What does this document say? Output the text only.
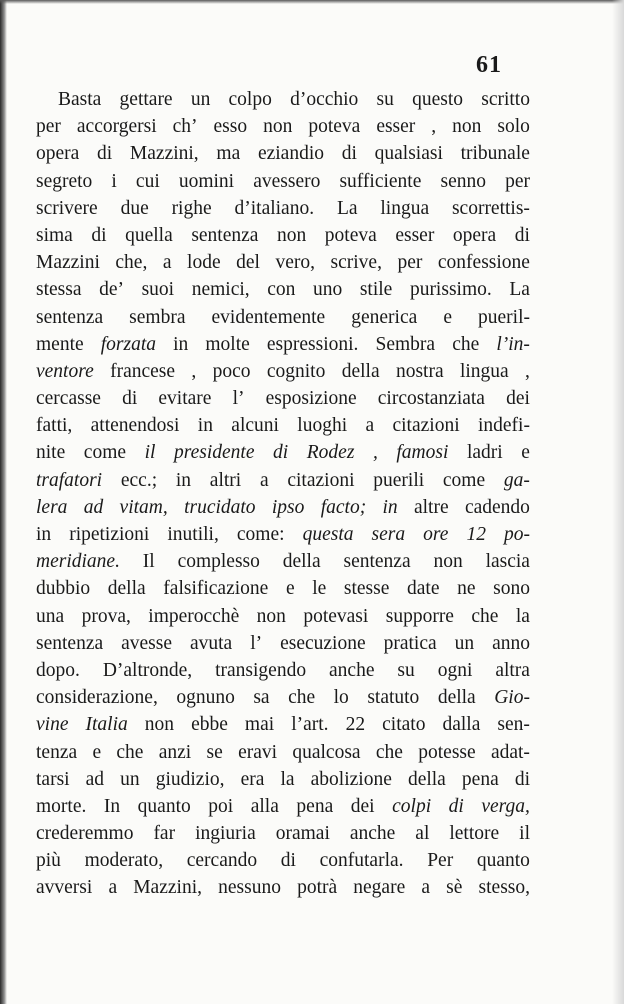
61
Basta gettare un colpo d’occhio su questo scritto
per accorgersi ch’ esso non poteva esser , non solo
opera di Mazzini, ma eziandio di qualsiasi tribunale
segreto i cui uomini avessero sufficiente senno per
scrivere due righe d’italiano. La lingua scorrettis-
sima di quella sentenza non poteva esser opera di
Mazzini che, a lode del vero, scrive, per confessione
stessa de’ suoi nemici, con uno stile purissimo. La
sentenza sembra evidentemente generica e pueril-
mente forzata in molte espressioni. Sembra che l’in-
ventore francese , poco cognito della nostra lingua ,
cercasse di evitare l’ esposizione circostanziata dei
fatti, attenendosi in alcuni luoghi a citazioni indefi-
nite come il presidente di Rodez , famosi ladri e
trafatori ecc.; in altri a citazioni puerili come ga-
lera ad vitam, trucidato ipso facto; in altre cadendo
in ripetizioni inutili, come: questa sera ore 12 po-
meridiane. Il complesso della sentenza non lascia
dubbio della falsificazione e le stesse date ne sono
una prova, imperocchè non potevasi supporre che la
sentenza avesse avuta l’ esecuzione pratica un anno
dopo. D’altronde, transigendo anche su ogni altra
considerazione, ognuno sa che lo statuto della Gio-
vine Italia non ebbe mai l’art. 22 citato dalla sen-
tenza e che anzi se eravi qualcosa che potesse adat-
tarsi ad un giudizio, era la abolizione della pena di
morte. In quanto poi alla pena dei colpi di verga,
crederemmo far ingiuria oramai anche al lettore il
più moderato, cercando di confutarla. Per quanto
avversi a Mazzini, nessuno potrà negare a sè stesso,
